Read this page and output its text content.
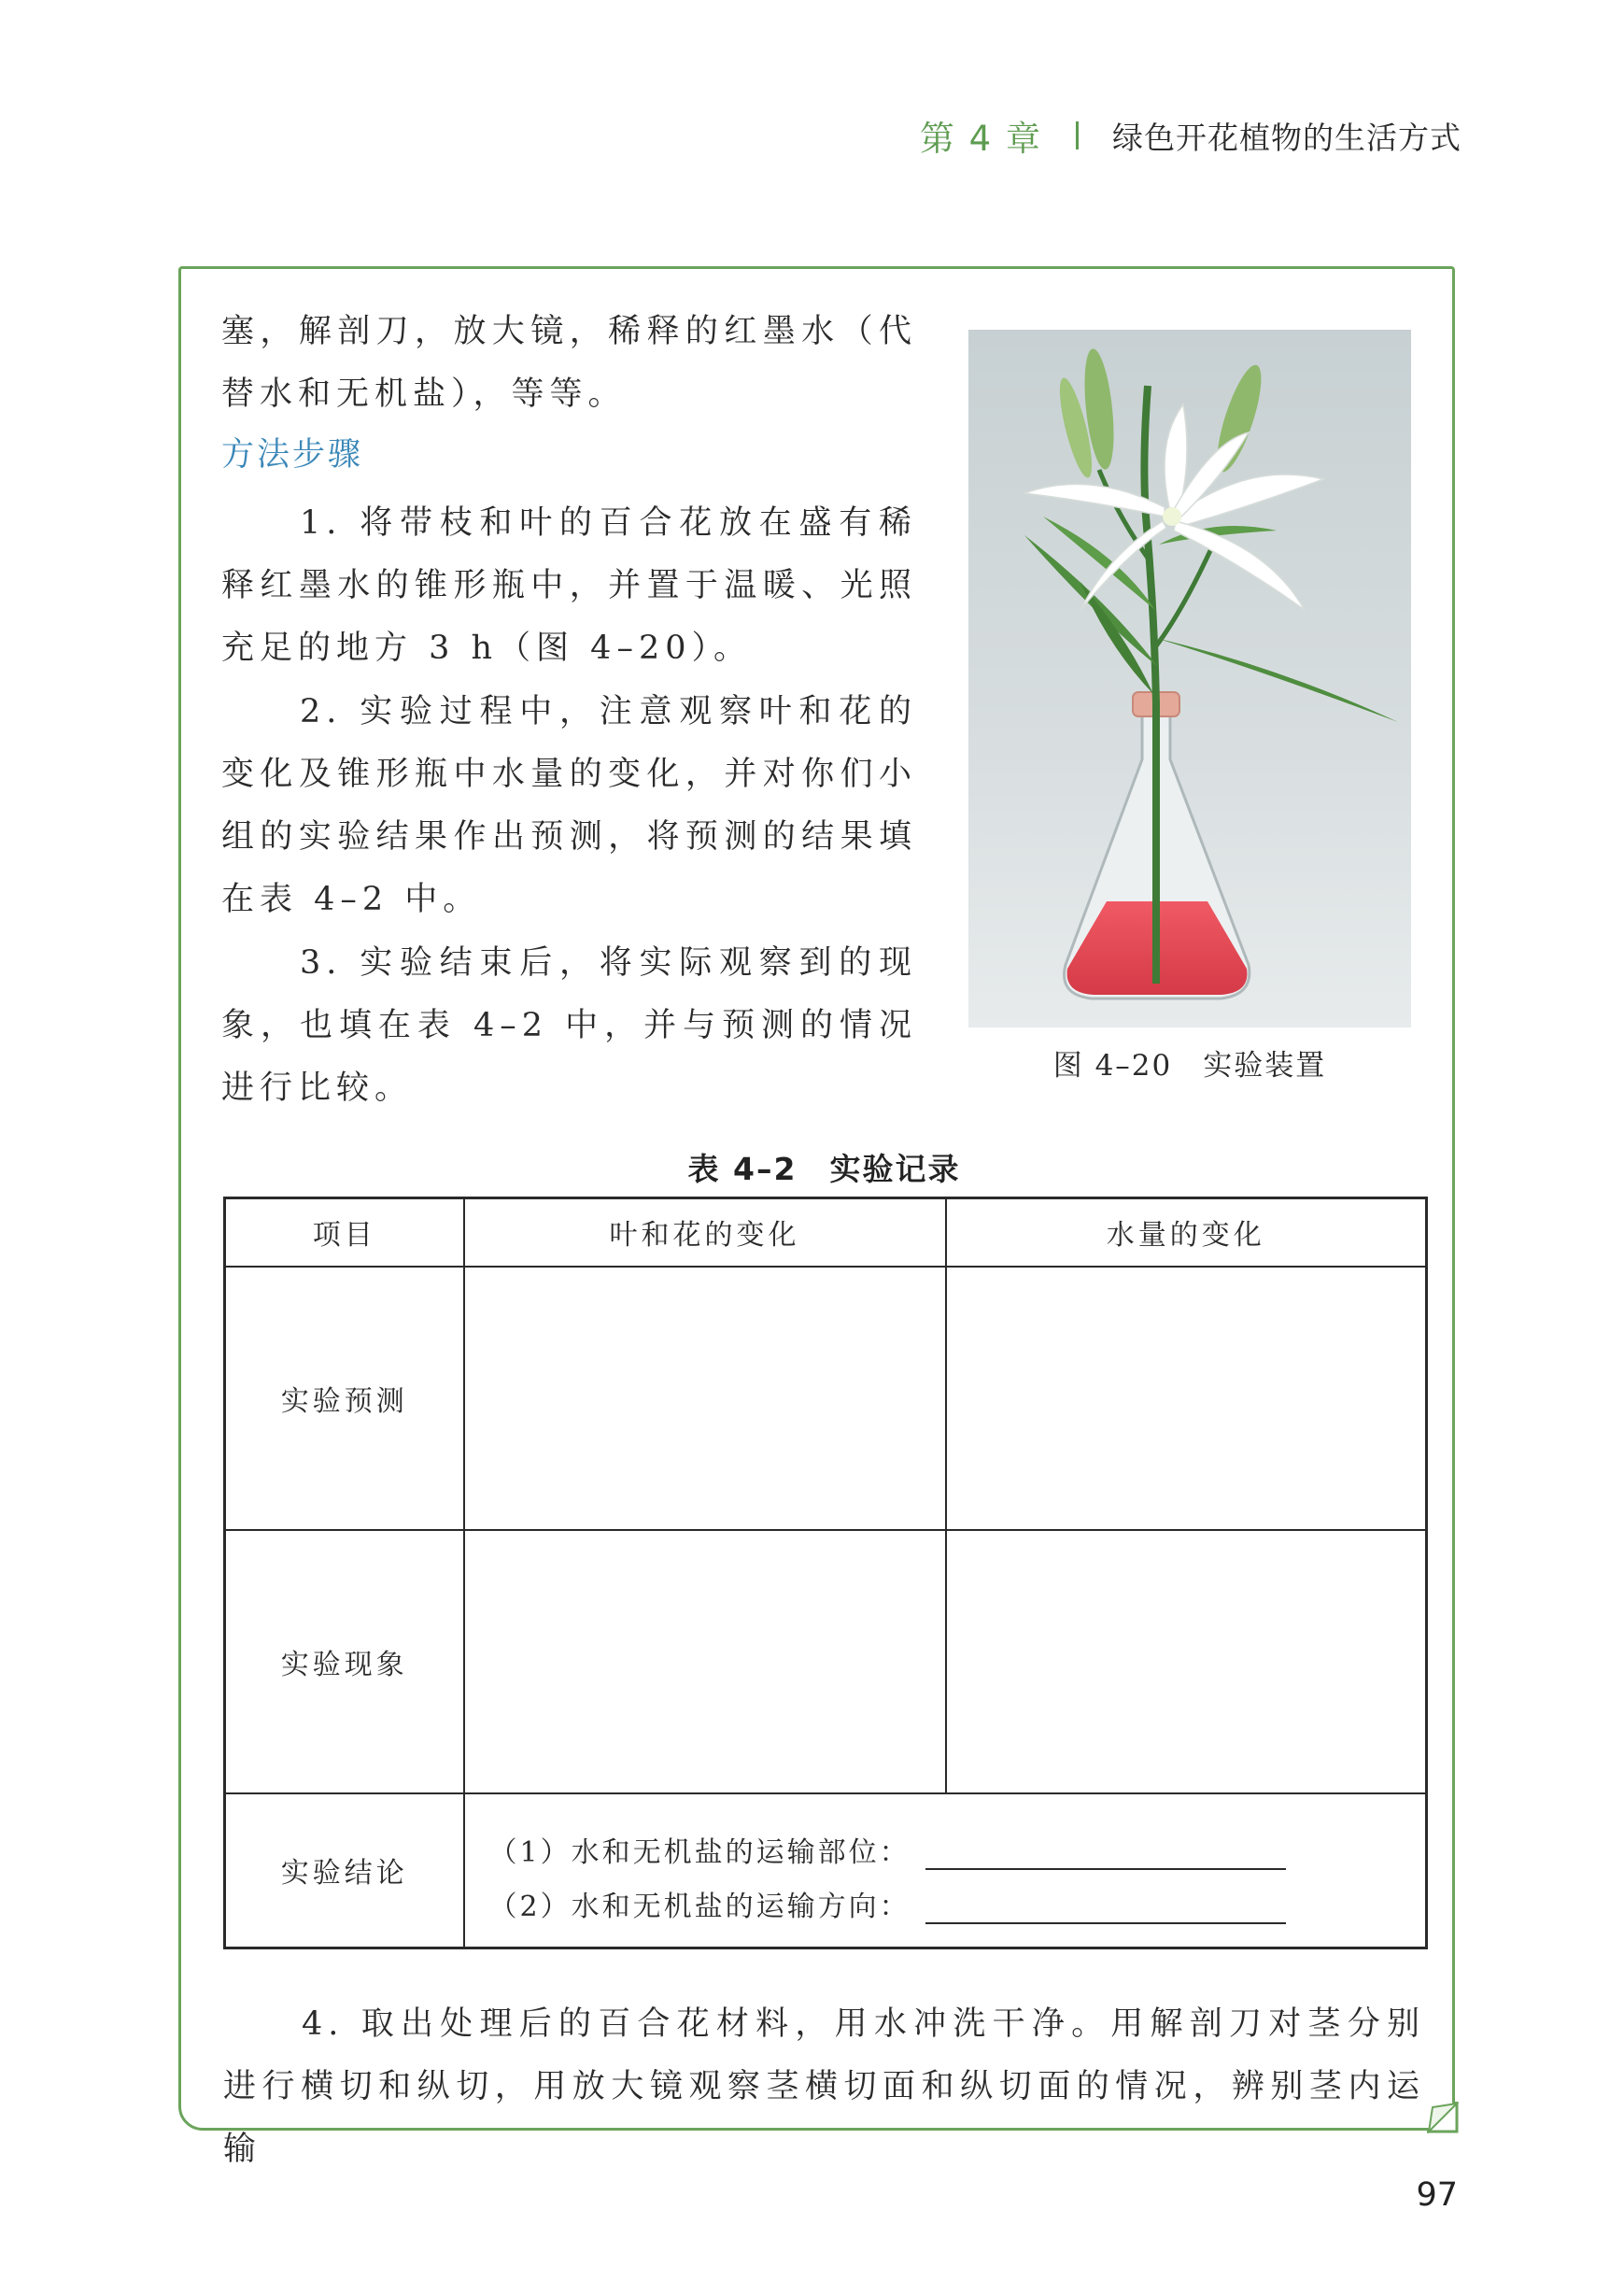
第 4 章 绿色开花植物的生活方式

塞，解剖刀，放大镜，稀释的红墨水（代替水和无机盐），等等。

方法步骤

1. 将带枝和叶的百合花放在盛有稀释红墨水的锥形瓶中，并置于温暖、光照充足的地方 3 h（图 4–20）。

2. 实验过程中，注意观察叶和花的变化及锥形瓶中水量的变化，并对你们小组的实验结果作出预测，将预测的结果填在表 4–2 中。

3. 实验结束后，将实际观察到的现象，也填在表 4–2 中，并与预测的情况进行比较。

图 4–20　实验装置

表 4–2　实验记录

项目	叶和花的变化	水量的变化
实验预测		
实验现象		
实验结论	（1）水和无机盐的运输部位：
（2）水和无机盐的运输方向：	

4. 取出处理后的百合花材料，用水冲洗干净。用解剖刀对茎分别进行横切和纵切，用放大镜观察茎横切面和纵切面的情况，辨别茎内运输

97
